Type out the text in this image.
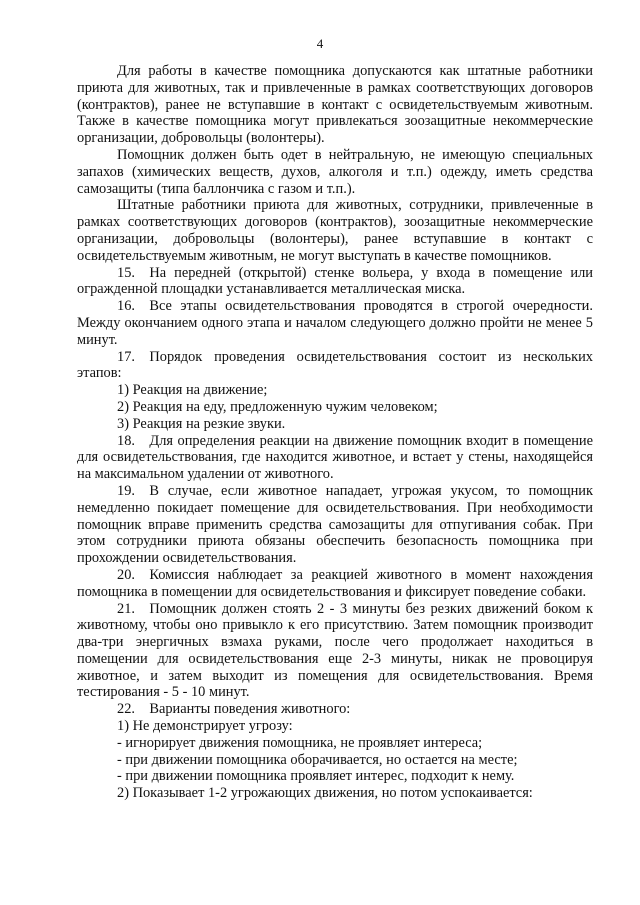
4

Для работы в качестве помощника допускаются как штатные работники приюта для животных, так и привлеченные в рамках соответствующих договоров (контрактов), ранее не вступавшие в контакт с освидетельствуемым животным. Также в качестве помощника могут привлекаться зоозащитные некоммерческие организации, добровольцы (волонтеры).

Помощник должен быть одет в нейтральную, не имеющую специальных запахов (химических веществ, духов, алкоголя и т.п.) одежду, иметь средства самозащиты (типа баллончика с газом и т.п.).

Штатные работники приюта для животных, сотрудники, привлеченные в рамках соответствующих договоров (контрактов), зоозащитные некоммерческие организации, добровольцы (волонтеры), ранее вступавшие в контакт с освидетельствуемым животным, не могут выступать в качестве помощников.

15. На передней (открытой) стенке вольера, у входа в помещение или огражденной площадки устанавливается металлическая миска.

16. Все этапы освидетельствования проводятся в строгой очередности. Между окончанием одного этапа и началом следующего должно пройти не менее 5 минут.

17. Порядок проведения освидетельствования состоит из нескольких этапов:

1) Реакция на движение;

2) Реакция на еду, предложенную чужим человеком;

3) Реакция на резкие звуки.

18. Для определения реакции на движение помощник входит в помещение для освидетельствования, где находится животное, и встает у стены, находящейся на максимальном удалении от животного.

19. В случае, если животное нападает, угрожая укусом, то помощник немедленно покидает помещение для освидетельствования. При необходимости помощник вправе применить средства самозащиты для отпугивания собак. При этом сотрудники приюта обязаны обеспечить безопасность помощника при прохождении освидетельствования.

20. Комиссия наблюдает за реакцией животного в момент нахождения помощника в помещении для освидетельствования и фиксирует поведение собаки.

21. Помощник должен стоять 2 - 3 минуты без резких движений боком к животному, чтобы оно привыкло к его присутствию. Затем помощник производит два-три энергичных взмаха руками, после чего продолжает находиться в помещении для освидетельствования еще 2-3 минуты, никак не провоцируя животное, и затем выходит из помещения для освидетельствования. Время тестирования - 5 - 10 минут.

22. Варианты поведения животного:

1) Не демонстрирует угрозу:

- игнорирует движения помощника, не проявляет интереса;

- при движении помощника оборачивается, но остается на месте;

- при движении помощника проявляет интерес, подходит к нему.

2) Показывает 1-2 угрожающих движения, но потом успокаивается:
